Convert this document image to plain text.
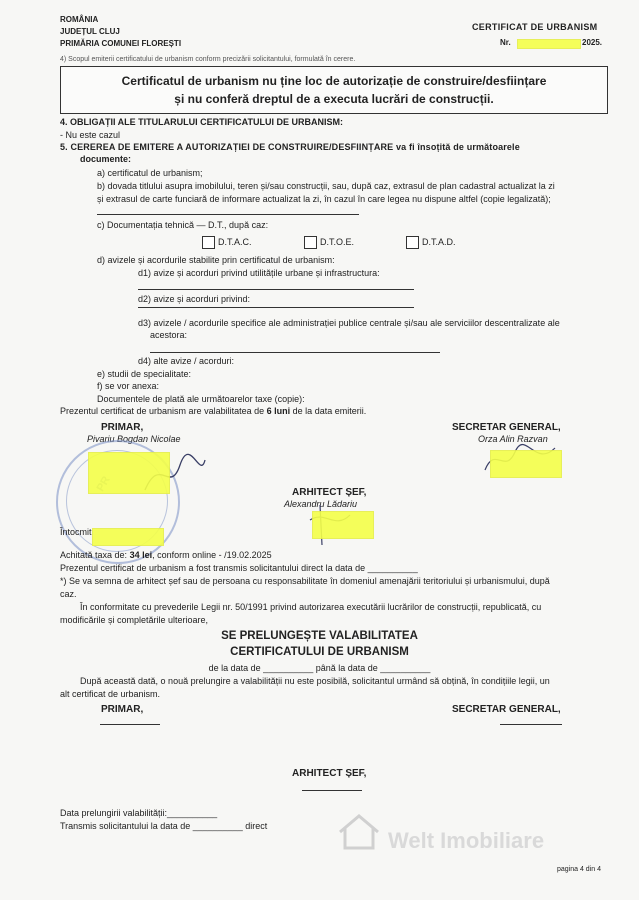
ROMÂNIA
JUDEȚUL CLUJ
PRIMĂRIA COMUNEI FLOREȘTI
CERTIFICAT DE URBANISM
Nr.	2025.
4) Scopul emiterii certificatului de urbanism conform precizării solicitantului, formulată în cerere.
Certificatul de urbanism nu ține loc de autorizație de construire/desființare
și nu conferă dreptul de a executa lucrări de construcții.
4. OBLIGAȚII ALE TITULARULUI CERTIFICATULUI DE URBANISM:
- Nu este cazul
5. CEREREA DE EMITERE A AUTORIZAȚIEI DE CONSTRUIRE/DESFIINȚARE va fi însoțită de următoarele
documente:
a) certificatul de urbanism;
b) dovada titlului asupra imobilului, teren și/sau construcții, sau, după caz, extrasul de plan cadastral actualizat la zi
și extrasul de carte funciară de informare actualizat la zi, în cazul în care legea nu dispune altfel (copie legalizată);
c) Documentația tehnică — D.T., după caz:
D.T.A.C.	D.T.O.E.	D.T.A.D.
d) avizele și acordurile stabilite prin certificatul de urbanism:
d1) avize și acorduri privind utilitățile urbane și infrastructura:
d2) avize și acorduri privind:
d3) avizele / acordurile specifice ale administrației publice centrale și/sau ale serviciilor descentralizate ale
acestora:
d4) alte avize / acorduri:
e) studii de specialitate:
f) se vor anexa:
Documentele de plată ale următoarelor taxe (copie):
Prezentul certificat de urbanism are valabilitatea de 6 luni de la data emiterii.
PRIMAR,
Pivariu Bogdan Nicolae
SECRETAR GENERAL,
Orza Alin Razvan
ARHITECT ȘEF,
Alexandru Lădariu
Întocmit
Achitată taxa de: 34 lei, conform online - /19.02.2025
Prezentul certificat de urbanism a fost transmis solicitantului direct la data de __________
*) Se va semna de arhitect șef sau de persoana cu responsabilitate în domeniul amenajării teritoriului și urbanismului, după
caz.
În conformitate cu prevederile Legii nr. 50/1991 privind autorizarea executării lucrărilor de construcții, republicată, cu
modificările și completările ulterioare,
SE PRELUNGEȘTE VALABILITATEA
CERTIFICATULUI DE URBANISM
de la data de __________ până la data de __________
După această dată, o nouă prelungire a valabilității nu este posibilă, solicitantul urmând să obțină, în condițiile legii, un
alt certificat de urbanism.
PRIMAR,	SECRETAR GENERAL,
ARHITECT ȘEF,
Data prelungirii valabilității:__________
Transmis solicitantului la data de __________ direct
Welt Imobiliare
pagina 4 din 4
